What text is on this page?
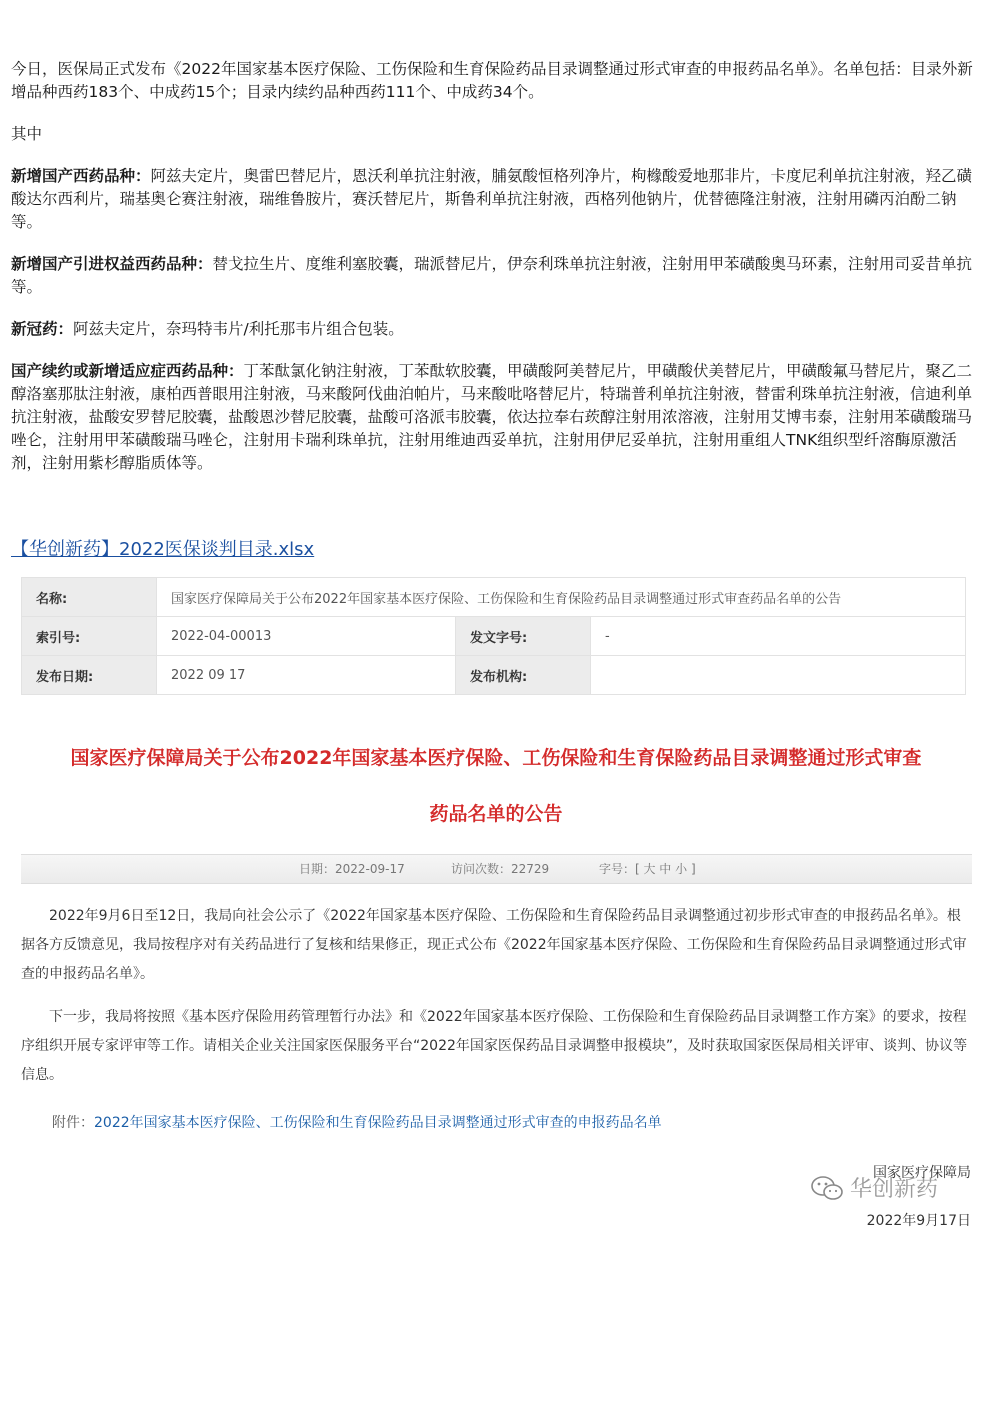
今日，医保局正式发布《2022年国家基本医疗保险、工伤保险和生育保险药品目录调整通过形式审查的申报药品名单》。名单包括：目录外新增品种西药183个、中成药15个；目录内续约品种西药111个、中成药34个。

其中

新增国产西药品种：阿兹夫定片，奥雷巴替尼片，恩沃利单抗注射液，脯氨酸恒格列净片，枸橼酸爱地那非片，卡度尼利单抗注射液，羟乙磺酸达尔西利片，瑞基奥仑赛注射液，瑞维鲁胺片，赛沃替尼片，斯鲁利单抗注射液，西格列他钠片，优替德隆注射液，注射用磷丙泊酚二钠等。

新增国产引进权益西药品种：替戈拉生片、度维利塞胶囊，瑞派替尼片，伊奈利珠单抗注射液，注射用甲苯磺酸奥马环素，注射用司妥昔单抗等。

新冠药：阿兹夫定片，奈玛特韦片/利托那韦片组合包装。

国产续约或新增适应症西药品种：丁苯酞氯化钠注射液，丁苯酞软胶囊，甲磺酸阿美替尼片，甲磺酸伏美替尼片，甲磺酸氟马替尼片，聚乙二醇洛塞那肽注射液，康柏西普眼用注射液，马来酸阿伐曲泊帕片，马来酸吡咯替尼片，特瑞普利单抗注射液，替雷利珠单抗注射液，信迪利单抗注射液，盐酸安罗替尼胶囊，盐酸恩沙替尼胶囊，盐酸可洛派韦胶囊，依达拉奉右莰醇注射用浓溶液，注射用艾博韦泰，注射用苯磺酸瑞马唑仑，注射用甲苯磺酸瑞马唑仑，注射用卡瑞利珠单抗，注射用维迪西妥单抗，注射用伊尼妥单抗，注射用重组人TNK组织型纤溶酶原激活剂，注射用紫杉醇脂质体等。

【华创新药】2022医保谈判目录.xlsx
名称:	国家医疗保障局关于公布2022年国家基本医疗保险、工伤保险和生育保险药品目录调整通过形式审查药品名单的公告		
索引号:	2022-04-00013	发文字号:	-
发布日期:	2022 09 17	发布机构:	
国家医疗保障局关于公布2022年国家基本医疗保险、工伤保险和生育保险药品目录调整通过形式审查
药品名单的公告
日期：2022-09-17	访问次数：22729	字号： [ 大 中 小 ]

2022年9月6日至12日，我局向社会公示了《2022年国家基本医疗保险、工伤保险和生育保险药品目录调整通过初步形式审查的申报药品名单》。根据各方反馈意见，我局按程序对有关药品进行了复核和结果修正，现正式公布《2022年国家基本医疗保险、工伤保险和生育保险药品目录调整通过形式审查的申报药品名单》。

下一步，我局将按照《基本医疗保险用药管理暂行办法》和《2022年国家基本医疗保险、工伤保险和生育保险药品目录调整工作方案》的要求，按程序组织开展专家评审等工作。请相关企业关注国家医保服务平台“2022年国家医保药品目录调整申报模块”，及时获取国家医保局相关评审、谈判、协议等信息。

附件：2022年国家基本医疗保险、工伤保险和生育保险药品目录调整通过形式审查的申报药品名单
国家医疗保障局
华创新药
2022年9月17日
